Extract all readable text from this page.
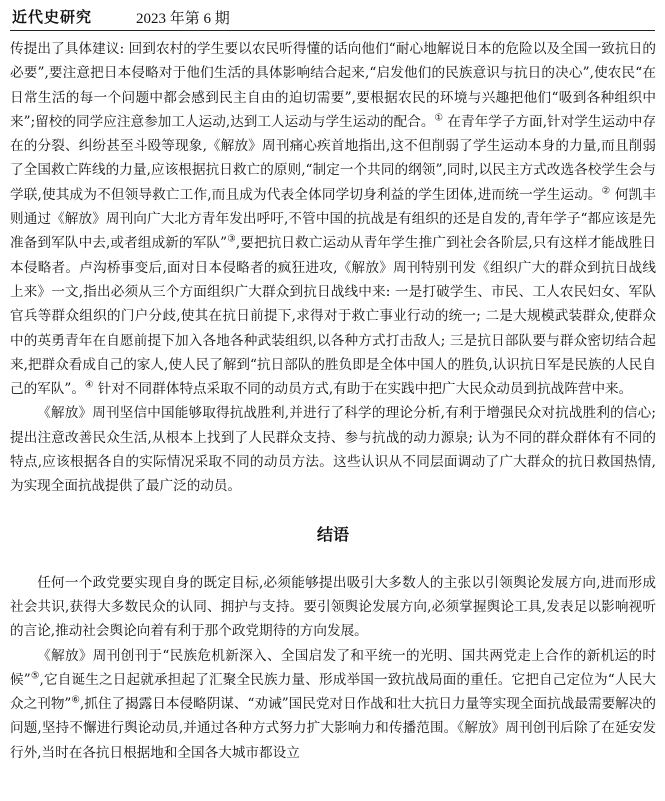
近代史研究	2023 年第 6 期

传提出了具体建议: 回到农村的学生要以农民听得懂的话向他们“耐心地解说日本的危险以及全国一致抗日的必要”,要注意把日本侵略对于他们生活的具体影响结合起来,“启发他们的民族意识与抗日的决心”,使农民“在日常生活的每一个问题中都会感到民主自由的迫切需要”,要根据农民的环境与兴趣把他们“吸到各种组织中来”;留校的同学应注意参加工人运动,达到工人运动与学生运动的配合。① 在青年学子方面,针对学生运动中存在的分裂、纠纷甚至斗殴等现象,《解放》周刊痛心疾首地指出,这不但削弱了学生运动本身的力量,而且削弱了全国救亡阵线的力量,应该根据抗日救亡的原则,“制定一个共同的纲领”,同时,以民主方式改选各校学生会与学联,使其成为不但领导救亡工作,而且成为代表全体同学切身利益的学生团体,进而统一学生运动。② 何凯丰则通过《解放》周刊向广大北方青年发出呼吁,不管中国的抗战是有组织的还是自发的,青年学子“都应该是先准备到军队中去,或者组成新的军队”③,要把抗日救亡运动从青年学生推广到社会各阶层,只有这样才能战胜日本侵略者。卢沟桥事变后,面对日本侵略者的疯狂进攻,《解放》周刊特别刊发《组织广大的群众到抗日战线上来》一文,指出必须从三个方面组织广大群众到抗日战线中来: 一是打破学生、市民、工人农民妇女、军队官兵等群众组织的门户分歧,使其在抗日前提下,求得对于救亡事业行动的统一; 二是大规模武装群众,使群众中的英勇青年在自愿前提下加入各地各种武装组织,以各种方式打击敌人; 三是抗日部队要与群众密切结合起来,把群众看成自己的家人,使人民了解到“抗日部队的胜负即是全体中国人的胜负,认识抗日军是民族的人民自己的军队”。④ 针对不同群体特点采取不同的动员方式,有助于在实践中把广大民众动员到抗战阵营中来。

《解放》周刊坚信中国能够取得抗战胜利,并进行了科学的理论分析,有利于增强民众对抗战胜利的信心; 提出注意改善民众生活,从根本上找到了人民群众支持、参与抗战的动力源泉; 认为不同的群众群体有不同的特点,应该根据各自的实际情况采取不同的动员方法。这些认识从不同层面调动了广大群众的抗日救国热情,为实现全面抗战提供了最广泛的动员。

结语

任何一个政党要实现自身的既定目标,必须能够提出吸引大多数人的主张以引领舆论发展方向,进而形成社会共识,获得大多数民众的认同、拥护与支持。要引领舆论发展方向,必须掌握舆论工具,发表足以影响视听的言论,推动社会舆论向着有利于那个政党期待的方向发展。

《解放》周刊创刊于“民族危机新深入、全国启发了和平统一的光明、国共两党走上合作的新机运的时候”⑤,它自诞生之日起就承担起了汇聚全民族力量、形成举国一致抗战局面的重任。它把自己定位为“人民大众之刊物”⑥,抓住了揭露日本侵略阴谋、“劝诫”国民党对日作战和壮大抗日力量等实现全面抗战最需要解决的问题,坚持不懈进行舆论动员,并通过各种方式努力扩大影响力和传播范围。《解放》周刊创刊后除了在延安发行外,当时在各抗日根据地和全国各大城市都设立
